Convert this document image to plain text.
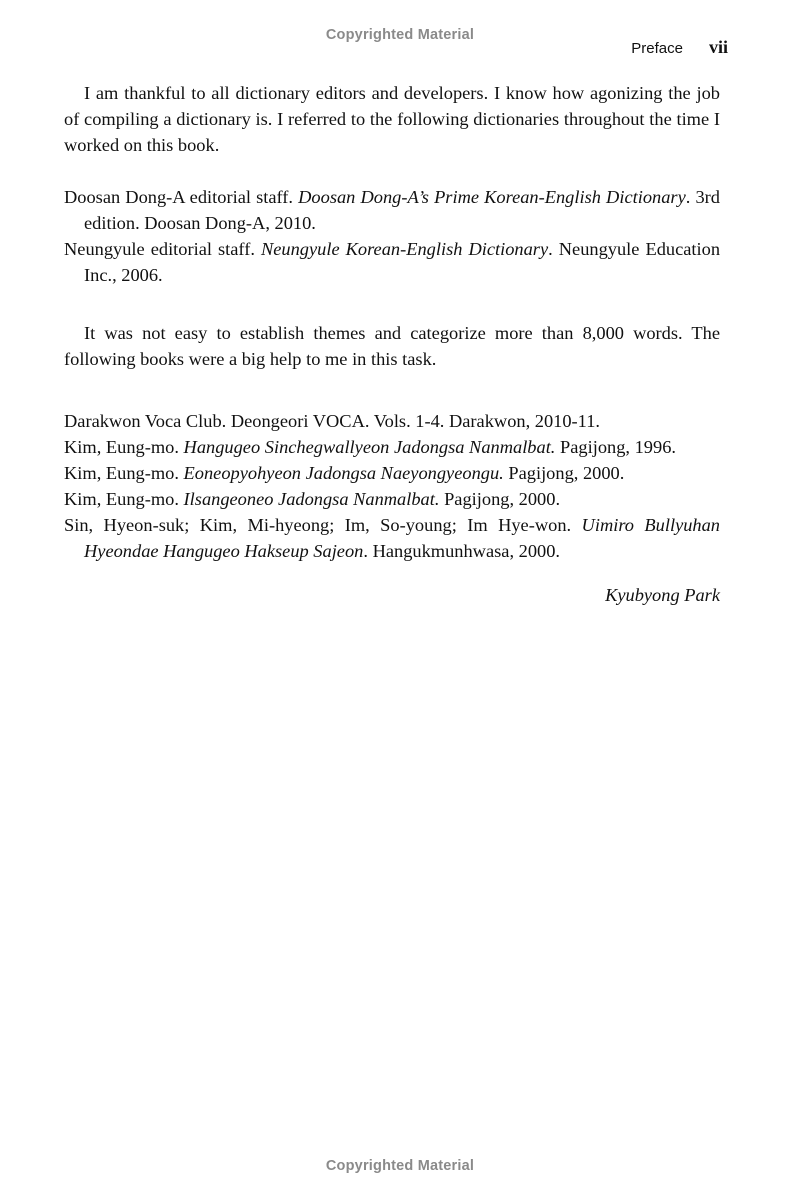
Copyrighted Material
Preface vii

I am thankful to all dictionary editors and developers. I know how agonizing the job of compiling a dictionary is. I referred to the following dictionaries throughout the time I worked on this book.

Doosan Dong-A editorial staff. Doosan Dong-A’s Prime Korean-English Dictionary. 3rd edition. Doosan Dong-A, 2010.
Neungyule editorial staff. Neungyule Korean-English Dictionary. Neungyule Education Inc., 2006.

It was not easy to establish themes and categorize more than 8,000 words. The following books were a big help to me in this task.

Darakwon Voca Club. Deongeori VOCA. Vols. 1-4. Darakwon, 2010-11.
Kim, Eung-mo. Hangugeo Sinchegwallyeon Jadongsa Nanmalbat. Pagijong, 1996.
Kim, Eung-mo. Eoneopyohyeon Jadongsa Naeyongyeongu. Pagijong, 2000.
Kim, Eung-mo. Ilsangeoneo Jadongsa Nanmalbat. Pagijong, 2000.
Sin, Hyeon-suk; Kim, Mi-hyeong; Im, So-young; Im Hye-won. Uimiro Bullyuhan Hyeondae Hangugeo Hakseup Sajeon. Hangukmunhwasa, 2000.

Kyubyong Park

Copyrighted Material
